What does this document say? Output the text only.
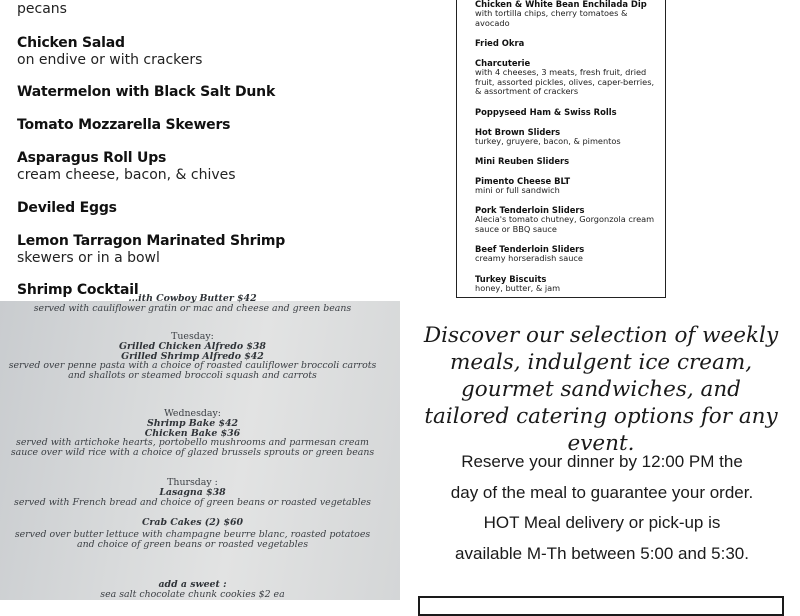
pecans
Chicken Salad
on endive or with crackers
Watermelon with Black Salt Dunk
Tomato Mozzarella Skewers
Asparagus Roll Ups
cream cheese, bacon, & chives
Deviled Eggs
Lemon Tarragon Marinated Shrimp
skewers or in a bowl
Shrimp Cocktail
Chicken & White Bean Enchilada Dip
with tortilla chips, cherry tomatoes & avocado
Fried Okra
Charcuterie
with 4 cheeses, 3 meats, fresh fruit, dried fruit, assorted pickles, olives, caper-berries, & assortment of crackers
Poppyseed Ham & Swiss Rolls
Hot Brown Sliders
turkey, gruyere, bacon, & pimentos
Mini Reuben Sliders
Pimento Cheese BLT
mini or full sandwich
Pork Tenderloin Sliders
Alecia's tomato chutney, Gorgonzola cream sauce or BBQ sauce
Beef Tenderloin Sliders
creamy horseradish sauce
Turkey Biscuits
honey, butter, & jam
...ith Cowboy Butter $42
served with cauliflower gratin or mac and cheese and green beans
Tuesday:
Grilled Chicken Alfredo $38
Grilled Shrimp Alfredo $42
served over penne pasta with a choice of roasted cauliflower broccoli carrots
and shallots or steamed broccoli squash and carrots
Wednesday:
Shrimp Bake $42
Chicken Bake $36
served with artichoke hearts, portobello mushrooms and parmesan cream
sauce over wild rice with a choice of glazed brussels sprouts or green beans
Thursday :
Lasagna $38
served with French bread and choice of green beans or roasted vegetables
Crab Cakes (2) $60
served over butter lettuce with champagne beurre blanc, roasted potatoes
and choice of green beans or roasted vegetables
add a sweet :
sea salt chocolate chunk cookies $2 ea
Discover our selection of weekly meals, indulgent ice cream, gourmet sandwiches, and tailored catering options for any event.
Reserve your dinner by 12:00 PM the
day of the meal to guarantee your order.
HOT Meal delivery or pick-up is
available M-Th between 5:00 and 5:30.
